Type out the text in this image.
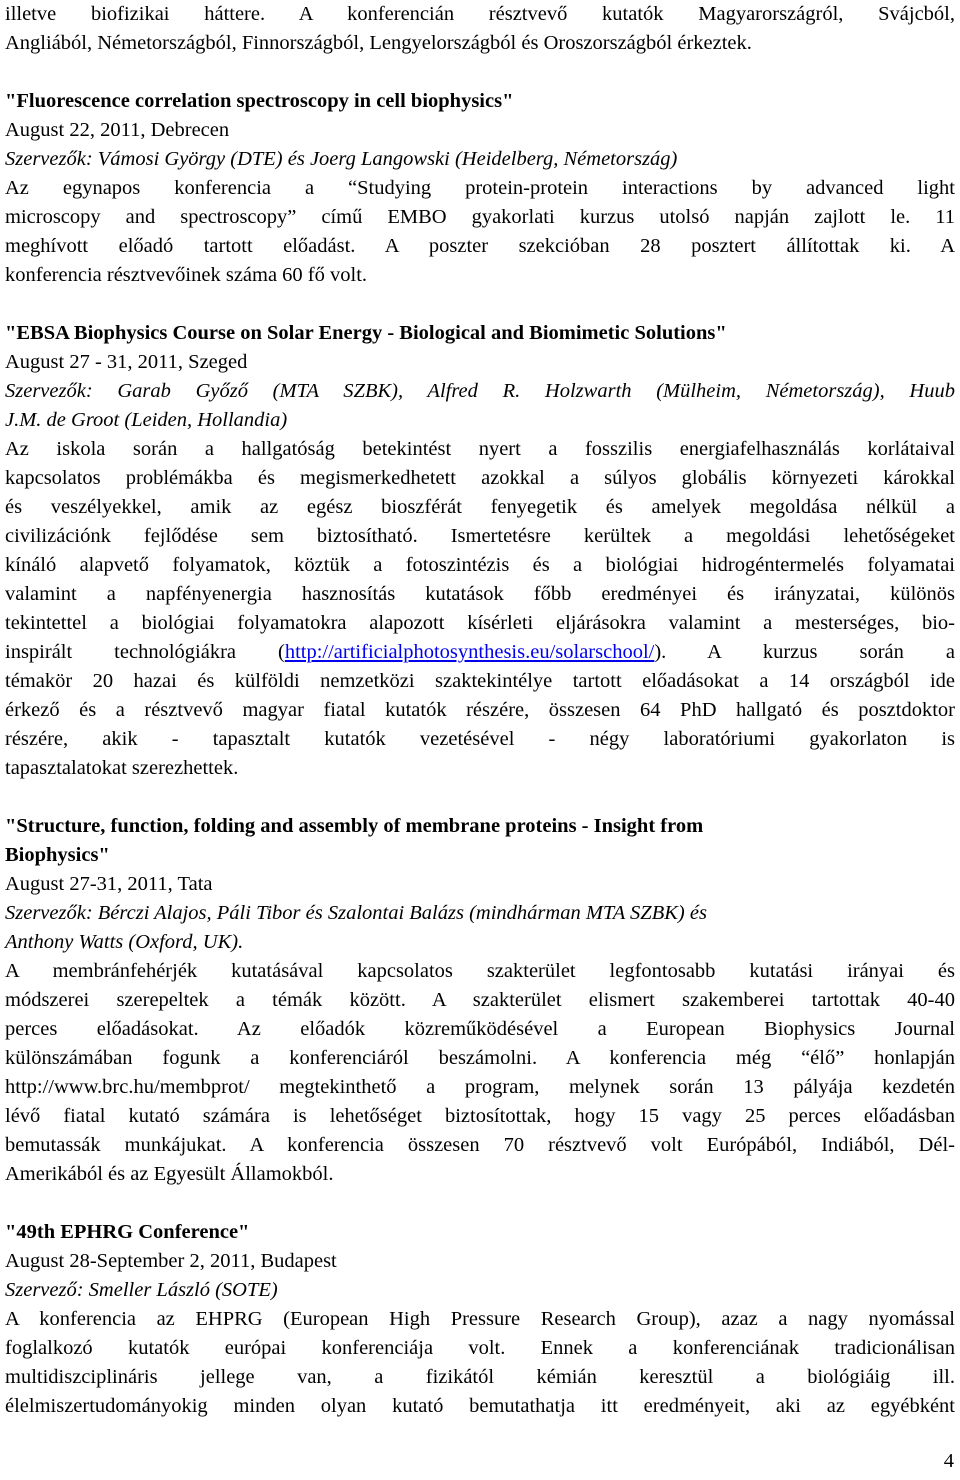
illetve biofizikai háttere. A konferencián résztvevő kutatók Magyarországról, Svájcból,

Angliából, Németországból, Finnországból, Lengyelországból és Oroszországból érkeztek.

"Fluorescence correlation spectroscopy in cell biophysics"

August 22, 2011, Debrecen

Szervezők: Vámosi György (DTE) és Joerg Langowski (Heidelberg, Németország)

Az egynapos konferencia a “Studying protein-protein interactions by advanced light

microscopy and spectroscopy” című EMBO gyakorlati kurzus utolsó napján zajlott le. 11

meghívott előadó tartott előadást. A poszter szekcióban 28 posztert állítottak ki. A

konferencia résztvevőinek száma 60 fő volt.

"EBSA Biophysics Course on Solar Energy - Biological and Biomimetic Solutions"

August 27 - 31, 2011, Szeged

Szervezők: Garab Győző (MTA SZBK), Alfred R. Holzwarth (Mülheim, Németország), Huub

J.M. de Groot (Leiden, Hollandia)

Az iskola során a hallgatóság betekintést nyert a fosszilis energiafelhasználás korlátaival

kapcsolatos problémákba és megismerkedhetett azokkal a súlyos globális környezeti károkkal

és veszélyekkel, amik az egész bioszférát fenyegetik és amelyek megoldása nélkül a

civilizációnk fejlődése sem biztosítható. Ismertetésre kerültek a megoldási lehetőségeket

kínáló alapvető folyamatok, köztük a fotoszintézis és a biológiai hidrogéntermelés folyamatai

valamint a napfényenergia hasznosítás kutatások főbb eredményei és irányzatai, különös

tekintettel a biológiai folyamatokra alapozott kísérleti eljárásokra valamint a mesterséges, bio-

inspirált technológiákra (http://artificialphotosynthesis.eu/solarschool/). A kurzus során a

témakör 20 hazai és külföldi nemzetközi szaktekintélye tartott előadásokat a 14 országból ide

érkező és a résztvevő magyar fiatal kutatók részére, összesen 64 PhD hallgató és posztdoktor

részére, akik - tapasztalt kutatók vezetésével - négy laboratóriumi gyakorlaton is

tapasztalatokat szerezhettek.

"Structure, function, folding and assembly of membrane proteins - Insight from

Biophysics"

August 27-31, 2011, Tata

Szervezők: Bérczi Alajos, Páli Tibor és Szalontai Balázs (mindhárman MTA SZBK) és

Anthony Watts (Oxford, UK).

A membránfehérjék kutatásával kapcsolatos szakterület legfontosabb kutatási irányai és

módszerei szerepeltek a témák között. A szakterület elismert szakemberei tartottak 40-40

perces előadásokat. Az előadók közreműködésével a European Biophysics Journal

különszámában fogunk a konferenciáról beszámolni. A konferencia még “élő” honlapján

http://www.brc.hu/membprot/ megtekinthető a program, melynek során 13 pályája kezdetén

lévő fiatal kutató számára is lehetőséget biztosítottak, hogy 15 vagy 25 perces előadásban

bemutassák munkájukat. A konferencia összesen 70 résztvevő volt Európából, Indiából, Dél-

Amerikából és az Egyesült Államokból.

"49th EPHRG Conference"

August 28-September 2, 2011, Budapest

Szervező: Smeller László (SOTE)

A konferencia az EHPRG (European High Pressure Research Group), azaz a nagy nyomással

foglalkozó kutatók európai konferenciája volt. Ennek a konferenciának tradicionálisan

multidiszciplináris jellege van, a fizikától kémián keresztül a biológiáig ill.

élelmiszertudományokig minden olyan kutató bemutathatja itt eredményeit, aki az egyébként

4
